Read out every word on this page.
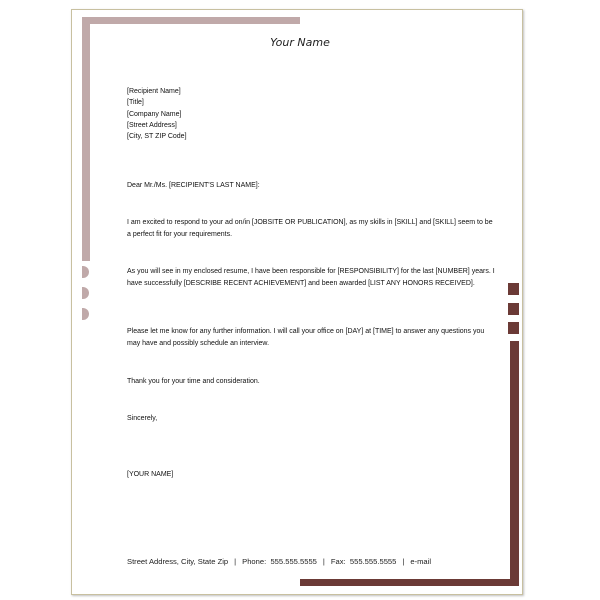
Your Name
[Recipient Name]
[Title]
[Company Name]
[Street Address]
[City, ST ZIP Code]
Dear Mr./Ms. [RECIPIENT'S LAST NAME]:
I am excited to respond to your ad on/in [JOBSITE OR PUBLICATION], as my skills in [SKILL] and [SKILL] seem to be a perfect fit for your requirements.
As you will see in my enclosed resume, I have been responsible for [RESPONSIBILITY] for the last [NUMBER] years. I have successfully [DESCRIBE RECENT ACHIEVEMENT] and been awarded [LIST ANY HONORS RECEIVED].
Please let me know for any further information. I will call your office on [DAY] at [TIME] to answer any questions you may have and possibly schedule an interview.
Thank you for your time and consideration.
Sincerely,
[YOUR NAME]
Street Address, City, State Zip | Phone: 555.555.5555 | Fax: 555.555.5555 | e-mail
